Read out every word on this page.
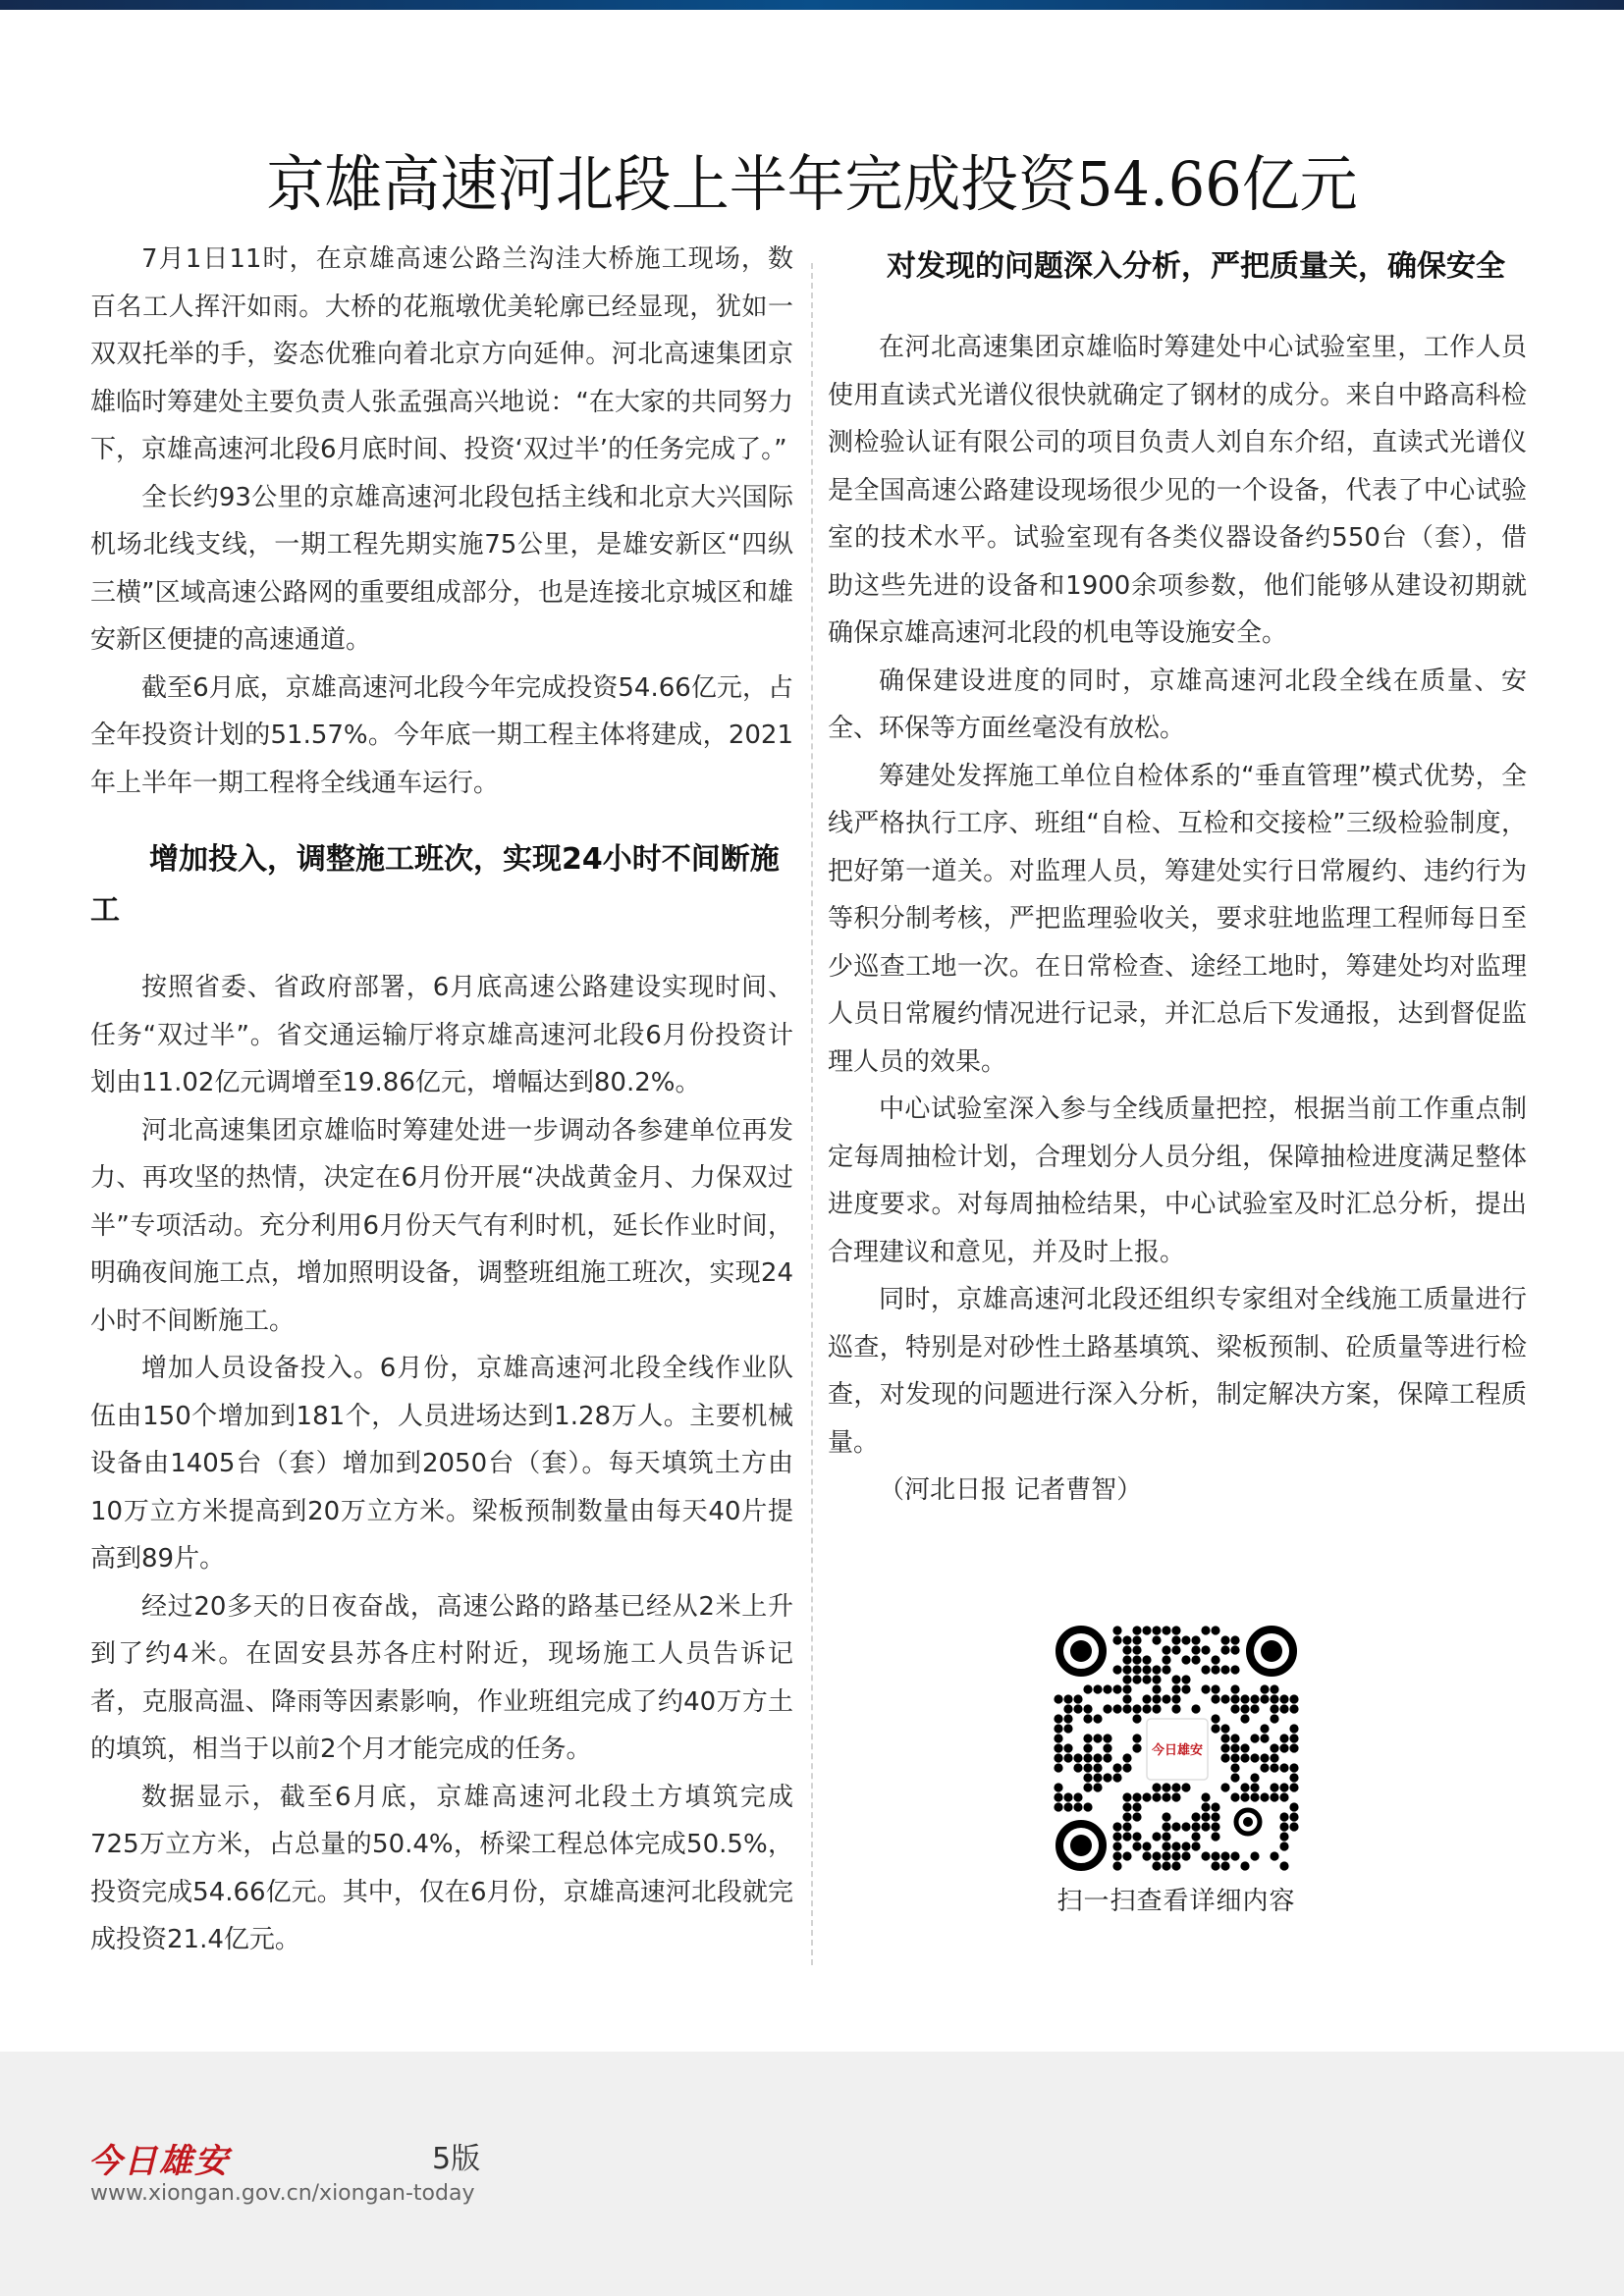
京雄高速河北段上半年完成投资54.66亿元

7月1日11时，在京雄高速公路兰沟洼大桥施工现场，数百名工人挥汗如雨。大桥的花瓶墩优美轮廓已经显现，犹如一双双托举的手，姿态优雅向着北京方向延伸。河北高速集团京雄临时筹建处主要负责人张孟强高兴地说：“在大家的共同努力下，京雄高速河北段6月底时间、投资‘双过半’的任务完成了。”

全长约93公里的京雄高速河北段包括主线和北京大兴国际机场北线支线，一期工程先期实施75公里，是雄安新区“四纵三横”区域高速公路网的重要组成部分，也是连接北京城区和雄安新区便捷的高速通道。

截至6月底，京雄高速河北段今年完成投资54.66亿元，占全年投资计划的51.57%。今年底一期工程主体将建成，2021年上半年一期工程将全线通车运行。

增加投入，调整施工班次，实现24小时不间断施工

按照省委、省政府部署，6月底高速公路建设实现时间、任务“双过半”。省交通运输厅将京雄高速河北段6月份投资计划由11.02亿元调增至19.86亿元，增幅达到80.2%。

河北高速集团京雄临时筹建处进一步调动各参建单位再发力、再攻坚的热情，决定在6月份开展“决战黄金月、力保双过半”专项活动。充分利用6月份天气有利时机，延长作业时间，明确夜间施工点，增加照明设备，调整班组施工班次，实现24小时不间断施工。

增加人员设备投入。6月份，京雄高速河北段全线作业队伍由150个增加到181个，人员进场达到1.28万人。主要机械设备由1405台（套）增加到2050台（套）。每天填筑土方由10万立方米提高到20万立方米。梁板预制数量由每天40片提高到89片。

经过20多天的日夜奋战，高速公路的路基已经从2米上升到了约4米。在固安县苏各庄村附近，现场施工人员告诉记者，克服高温、降雨等因素影响，作业班组完成了约40万方土的填筑，相当于以前2个月才能完成的任务。

数据显示，截至6月底，京雄高速河北段土方填筑完成725万立方米，占总量的50.4%，桥梁工程总体完成50.5%，投资完成54.66亿元。其中，仅在6月份，京雄高速河北段就完成投资21.4亿元。

对发现的问题深入分析，严把质量关，确保安全

在河北高速集团京雄临时筹建处中心试验室里，工作人员使用直读式光谱仪很快就确定了钢材的成分。来自中路高科检测检验认证有限公司的项目负责人刘自东介绍，直读式光谱仪是全国高速公路建设现场很少见的一个设备，代表了中心试验室的技术水平。试验室现有各类仪器设备约550台（套），借助这些先进的设备和1900余项参数，他们能够从建设初期就确保京雄高速河北段的机电等设施安全。

确保建设进度的同时，京雄高速河北段全线在质量、安全、环保等方面丝毫没有放松。

筹建处发挥施工单位自检体系的“垂直管理”模式优势，全线严格执行工序、班组“自检、互检和交接检”三级检验制度，把好第一道关。对监理人员，筹建处实行日常履约、违约行为等积分制考核，严把监理验收关，要求驻地监理工程师每日至少巡查工地一次。在日常检查、途经工地时，筹建处均对监理人员日常履约情况进行记录，并汇总后下发通报，达到督促监理人员的效果。

中心试验室深入参与全线质量把控，根据当前工作重点制定每周抽检计划，合理划分人员分组，保障抽检进度满足整体进度要求。对每周抽检结果，中心试验室及时汇总分析，提出合理建议和意见，并及时上报。

同时，京雄高速河北段还组织专家组对全线施工质量进行巡查，特别是对砂性土路基填筑、梁板预制、砼质量等进行检查，对发现的问题进行深入分析，制定解决方案，保障工程质量。

（河北日报 记者曹智）

今日雄安
扫一扫查看详细内容
今日雄安	5版
www.xiongan.gov.cn/xiongan-today
